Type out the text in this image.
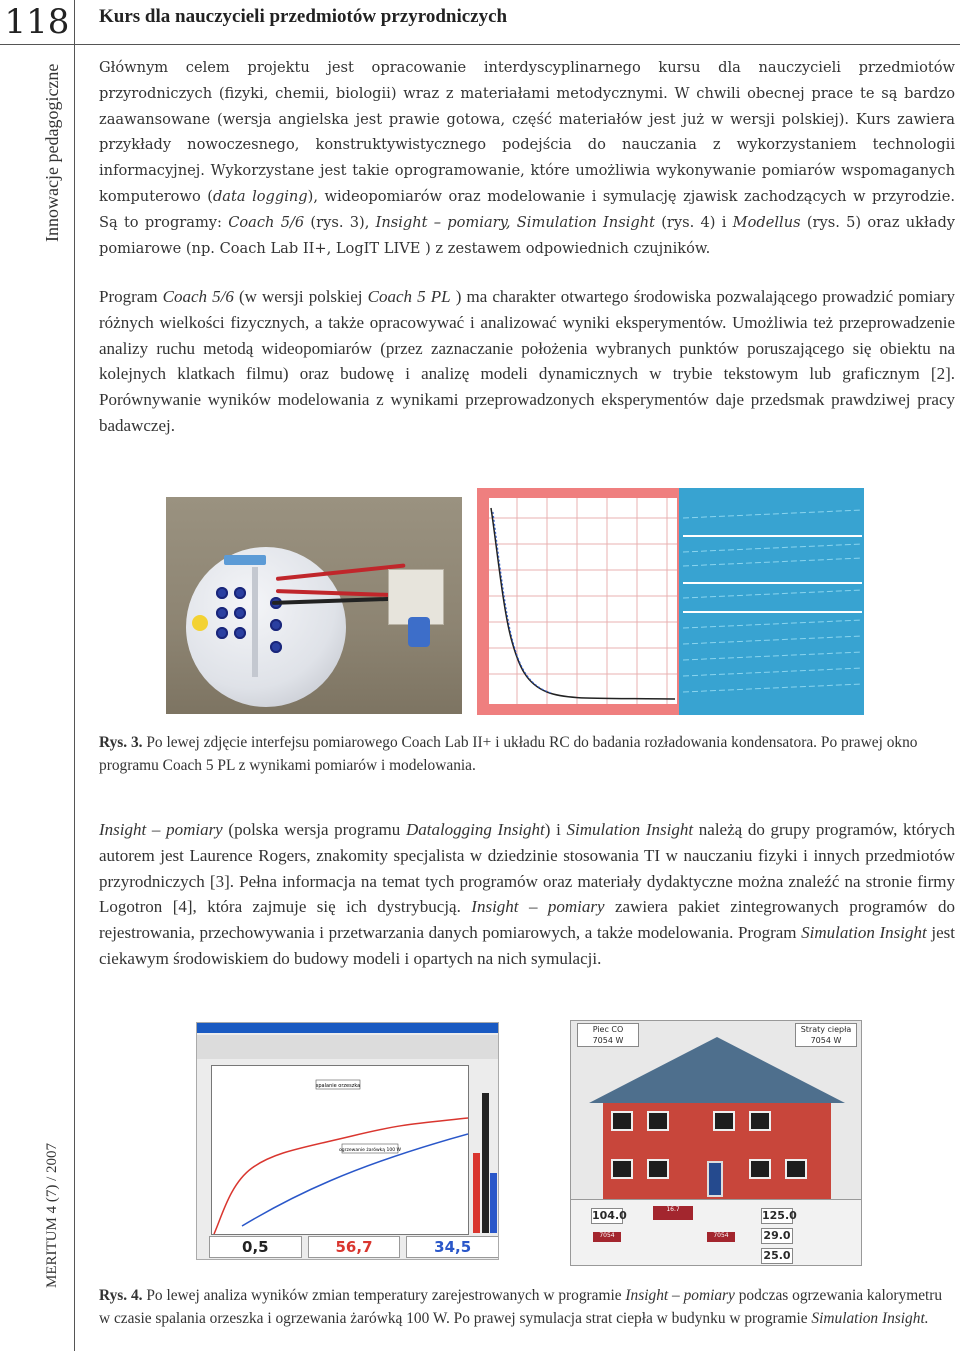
118
Innowacje pedagogiczne
MERITUM 4 (7) / 2007
Kurs dla nauczycieli przedmiotów przyrodniczych

Głównym celem projektu jest opracowanie interdyscyplinarnego kursu dla nauczycieli przedmiotów przyrodniczych (fizyki, chemii, biologii) wraz z materiałami metodycznymi. W chwili obecnej prace te są bardzo zaawansowane (wersja angielska jest prawie gotowa, część materiałów jest już w wersji polskiej). Kurs zawiera przykłady nowoczesnego, konstruktywistycznego podejścia do nauczania z wykorzystaniem technologii informacyjnej. Wykorzystane jest takie oprogramowanie, które umożliwia wykonywanie pomiarów wspomaganych komputerowo (data logging), wideopomiarów oraz modelowanie i symulację zjawisk zachodzących w przyrodzie. Są to programy: Coach 5/6 (rys. 3), Insight – pomiary, Simulation Insight (rys. 4) i Modellus (rys. 5) oraz układy pomiarowe (np. Coach Lab II+, LogIT LIVE ) z zestawem odpowiednich czujników.

Program Coach 5/6 (w wersji polskiej Coach 5 PL ) ma charakter otwartego środowiska pozwalającego prowadzić pomiary różnych wielkości fizycznych, a także opracowywać i analizować wyniki eksperymentów. Umożliwia też przeprowadzenie analizy ruchu metodą wideopomiarów (przez zaznaczanie położenia wybranych punktów poruszającego się obiektu na kolejnych klatkach filmu) oraz budowę i analizę modeli dynamicznych w trybie tekstowym lub graficznym [2]. Porównywanie wyników modelowania z wynikami przeprowadzonych eksperymentów daje przedsmak prawdziwej pracy badawczej.

Rys. 3. Po lewej zdjęcie interfejsu pomiarowego Coach Lab II+ i układu RC do badania rozładowania kondensatora. Po prawej okno programu Coach 5 PL z wynikami pomiarów i modelowania.

Insight – pomiary (polska wersja programu Datalogging Insight) i Simulation Insight należą do grupy programów, których autorem jest Laurence Rogers, znakomity specjalista w dziedzinie stosowania TI w nauczaniu fizyki i innych przedmiotów przyrodniczych [3]. Pełna informacja na temat tych programów oraz materiały dydaktyczne można znaleźć na stronie firmy Logotron [4], która zajmuje się ich dystrybucją. Insight – pomiary zawiera pakiet zintegrowanych programów do rejestrowania, przechowywania i przetwarzania danych pomiarowych, a także modelowania. Program Simulation Insight jest ciekawym środowiskiem do budowy modeli i opartych na nich symulacji.

spalanie orzeszka
ogrzewanie żarówką 100 W
0,5	56,7	34,5
Piec CO
7054 W
Straty ciepła
7054 W
104.0	16.7
7054	7054
125.0
29.0
25.0
Rys. 4. Po lewej analiza wyników zmian temperatury zarejestrowanych w programie Insight – pomiary podczas ogrzewania kalorymetru w czasie spalania orzeszka i ogrzewania żarówką 100 W. Po prawej symulacja strat ciepła w budynku w programie Simulation Insight.
